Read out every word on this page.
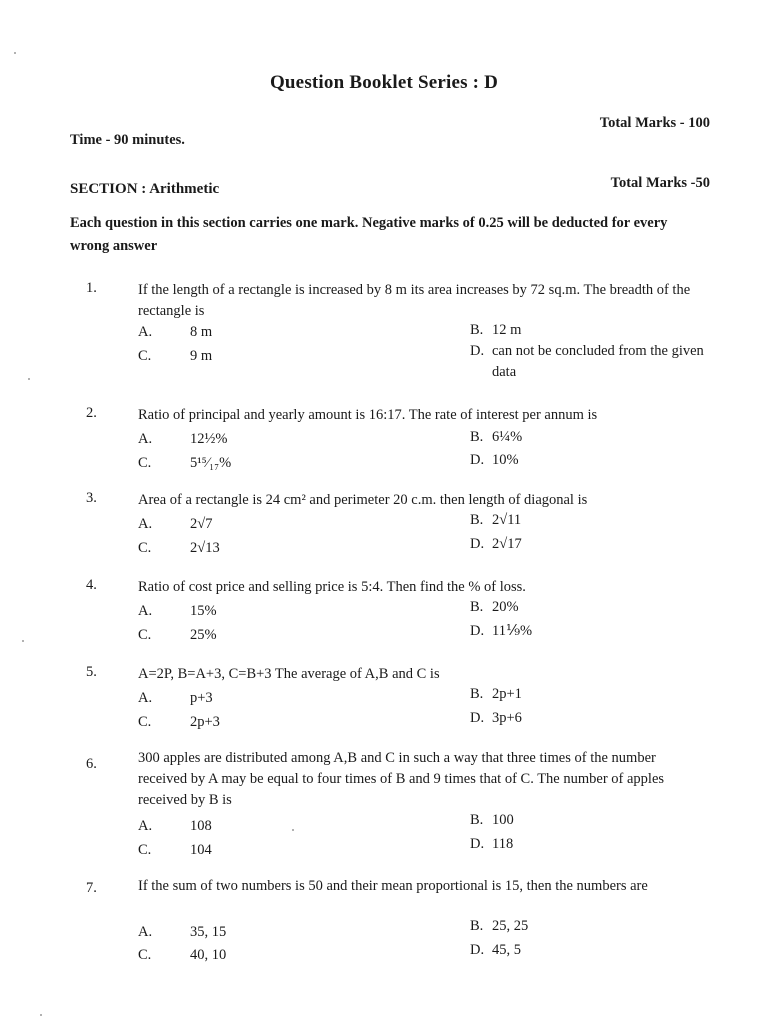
Question Booklet Series : D
Total Marks - 100
Time - 90 minutes.
SECTION : Arithmetic	Total Marks -50
Each question in this section carries one mark. Negative marks of 0.25 will be deducted for every wrong answer
1.	If the length of a rectangle is increased by 8 m its area increases by 72 sq.m. The breadth of the rectangle is
A.	8 m	B. 12 m
C.	9 m	D. can not be concluded from the given data
2.	Ratio of principal and yearly amount is 16:17. The rate of interest per annum is
A.	12½%	B. 6¼%
C.	5¹⁵⁄₁₇%	D. 10%
3.	Area of a rectangle is 24 cm² and perimeter 20 c.m. then length of diagonal is
A.	2√7	B. 2√11
C.	2√13	D. 2√17
4.	Ratio of cost price and selling price is 5:4. Then find the % of loss.
A.	15%	B. 20%
C.	25%	D. 11⅑%
5.	A=2P, B=A+3, C=B+3 The average of A,B and C is
A.	p+3	B. 2p+1
C.	2p+3	D. 3p+6
6.	300 apples are distributed among A,B and C in such a way that three times of the number received by A may be equal to four times of B and 9 times that of C. The number of apples received by B is
A.	108	B. 100
C.	104	D. 118
7.	If the sum of two numbers is 50 and their mean proportional is 15, then the numbers are
A.	35, 15	B. 25, 25
C.	40, 10	D. 45, 5
